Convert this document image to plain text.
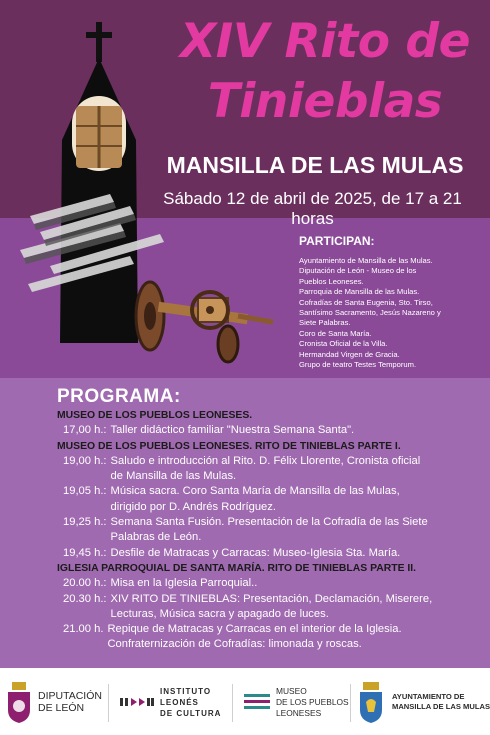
XIV Rito de
Tinieblas
MANSILLA DE LAS MULAS
Sábado 12 de abril de 2025, de 17 a 21 horas
PARTICIPAN:
Ayuntamiento de Mansilla de las Mulas.
Diputación de León - Museo de los
Pueblos Leoneses.
Parroquia de Mansilla de las Mulas.
Cofradías de Santa Eugenia, Sto. Tirso,
Santísimo Sacramento, Jesús Nazareno y
Siete Palabras.
Coro de Santa María.
Cronista Oficial de la Villa.
Hermandad Virgen de Gracia.
Grupo de teatro Testes Temporum.
PROGRAMA:
MUSEO DE LOS PUEBLOS LEONESES.
17,00 h.: Taller didáctico familiar "Nuestra Semana Santa".
MUSEO DE LOS PUEBLOS LEONESES. RITO DE TINIEBLAS PARTE I.
19,00 h.: Saludo e introducción al Rito. D. Félix Llorente, Cronista oficial
de Mansilla de las Mulas.
19,05 h.: Música sacra. Coro Santa María de Mansilla de las Mulas,
dirigido por D. Andrés Rodríguez.
19,25 h.: Semana Santa Fusión. Presentación de la Cofradía de las Siete
Palabras de León.
19,45 h.: Desfile de Matracas y Carracas: Museo-Iglesia Sta. María.
IGLESIA PARROQUIAL DE SANTA MARÍA. RITO DE TINIEBLAS PARTE II.
20.00 h.: Misa en la Iglesia Parroquial..
20.30 h.: XIV RITO DE TINIEBLAS: Presentación, Declamación, Miserere,
Lecturas, Música sacra y apagado de luces.
21.00 h. Repique de Matracas y Carracas en el interior de la Iglesia.
Confraternización de Cofradías: limonada y roscas.
DIPUTACIÓN
DE LEÓN
INSTITUTO
LEONÉS
DE CULTURA
MUSEO
DE LOS PUEBLOS
LEONESES
AYUNTAMIENTO DE
MANSILLA DE LAS MULAS
